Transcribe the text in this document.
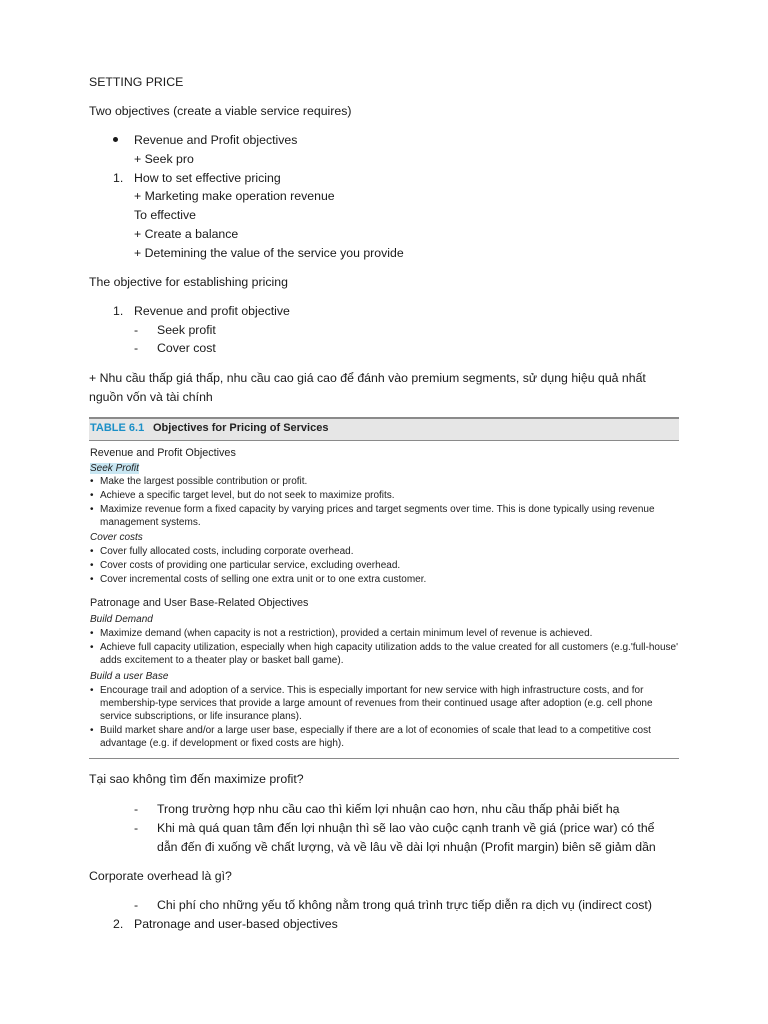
SETTING PRICE
Two objectives (create a viable service requires)
Revenue and Profit objectives
+ Seek pro
1. How to set effective pricing
+ Marketing make operation revenue
To effective
+ Create a balance
+ Detemining the value of the service you provide
The objective for establishing pricing
1. Revenue and profit objective
- Seek profit
- Cover cost
+ Nhu cầu thấp giá thấp, nhu cầu cao giá cao để đánh vào premium segments, sử dụng hiệu quả nhất
nguồn vốn và tài chính
TABLE 6.1 Objectives for Pricing of Services
Revenue and Profit Objectives
Seek Profit
• Make the largest possible contribution or profit.
• Achieve a specific target level, but do not seek to maximize profits.
• Maximize revenue form a fixed capacity by varying prices and target segments over time. This is done typically using revenue
management systems.
Cover costs
• Cover fully allocated costs, including corporate overhead.
• Cover costs of providing one particular service, excluding overhead.
• Cover incremental costs of selling one extra unit or to one extra customer.
Patronage and User Base-Related Objectives
Build Demand
• Maximize demand (when capacity is not a restriction), provided a certain minimum level of revenue is achieved.
• Achieve full capacity utilization, especially when high capacity utilization adds to the value created for all customers (e.g.'full-house'
adds excitement to a theater play or basket ball game).
Build a user Base
• Encourage trail and adoption of a service. This is especially important for new service with high infrastructure costs, and for
membership-type services that provide a large amount of revenues from their continued usage after adoption (e.g. cell phone
service subscriptions, or life insurance plans).
• Build market share and/or a large user base, especially if there are a lot of economies of scale that lead to a competitive cost
advantage (e.g. if development or fixed costs are high).
Tại sao không tìm đến maximize profit?
- Trong trường hợp nhu cầu cao thì kiếm lợi nhuận cao hơn, nhu cầu thấp phải biết hạ
- Khi mà quá quan tâm đến lợi nhuận thì sẽ lao vào cuộc cạnh tranh về giá (price war) có thể
dẫn đến đi xuống về chất lượng, và về lâu về dài lợi nhuận (Profit margin) biên sẽ giảm dần
Corporate overhead là gì?
- Chi phí cho những yếu tố không nằm trong quá trình trực tiếp diễn ra dịch vụ (indirect cost)
2. Patronage and user-based objectives
